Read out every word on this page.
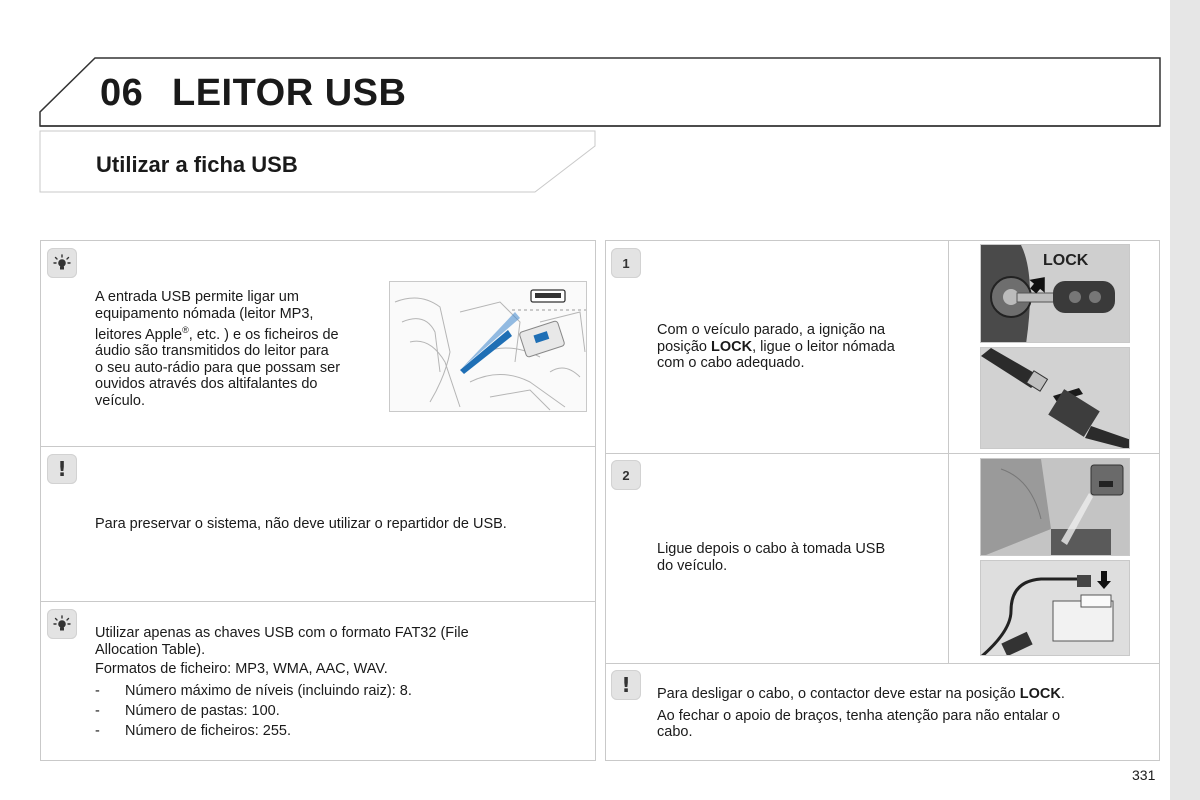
06 LEITOR USB
Utilizar a ficha USB
A entrada USB permite ligar um
equipamento nómada (leitor MP3,
leitores Apple®, etc. ) e os ficheiros de
áudio são transmitidos do leitor para
o seu auto-rádio para que possam ser
ouvidos através dos altifalantes do
veículo.
!
Para preservar o sistema, não deve utilizar o repartidor de USB.
Utilizar apenas as chaves USB com o formato FAT32 (File
Allocation Table).
Formatos de ficheiro: MP3, WMA, AAC, WAV.
- Número máximo de níveis (incluindo raiz): 8.
- Número de pastas: 100.
- Número de ficheiros: 255.
1
Com o veículo parado, a ignição na
posição LOCK, ligue o leitor nómada
com o cabo adequado.
LOCK
2
Ligue depois o cabo à tomada USB
do veículo.
! Para desligar o cabo, o contactor deve estar na posição LOCK.
Ao fechar o apoio de braços, tenha atenção para não entalar o
cabo.
331
